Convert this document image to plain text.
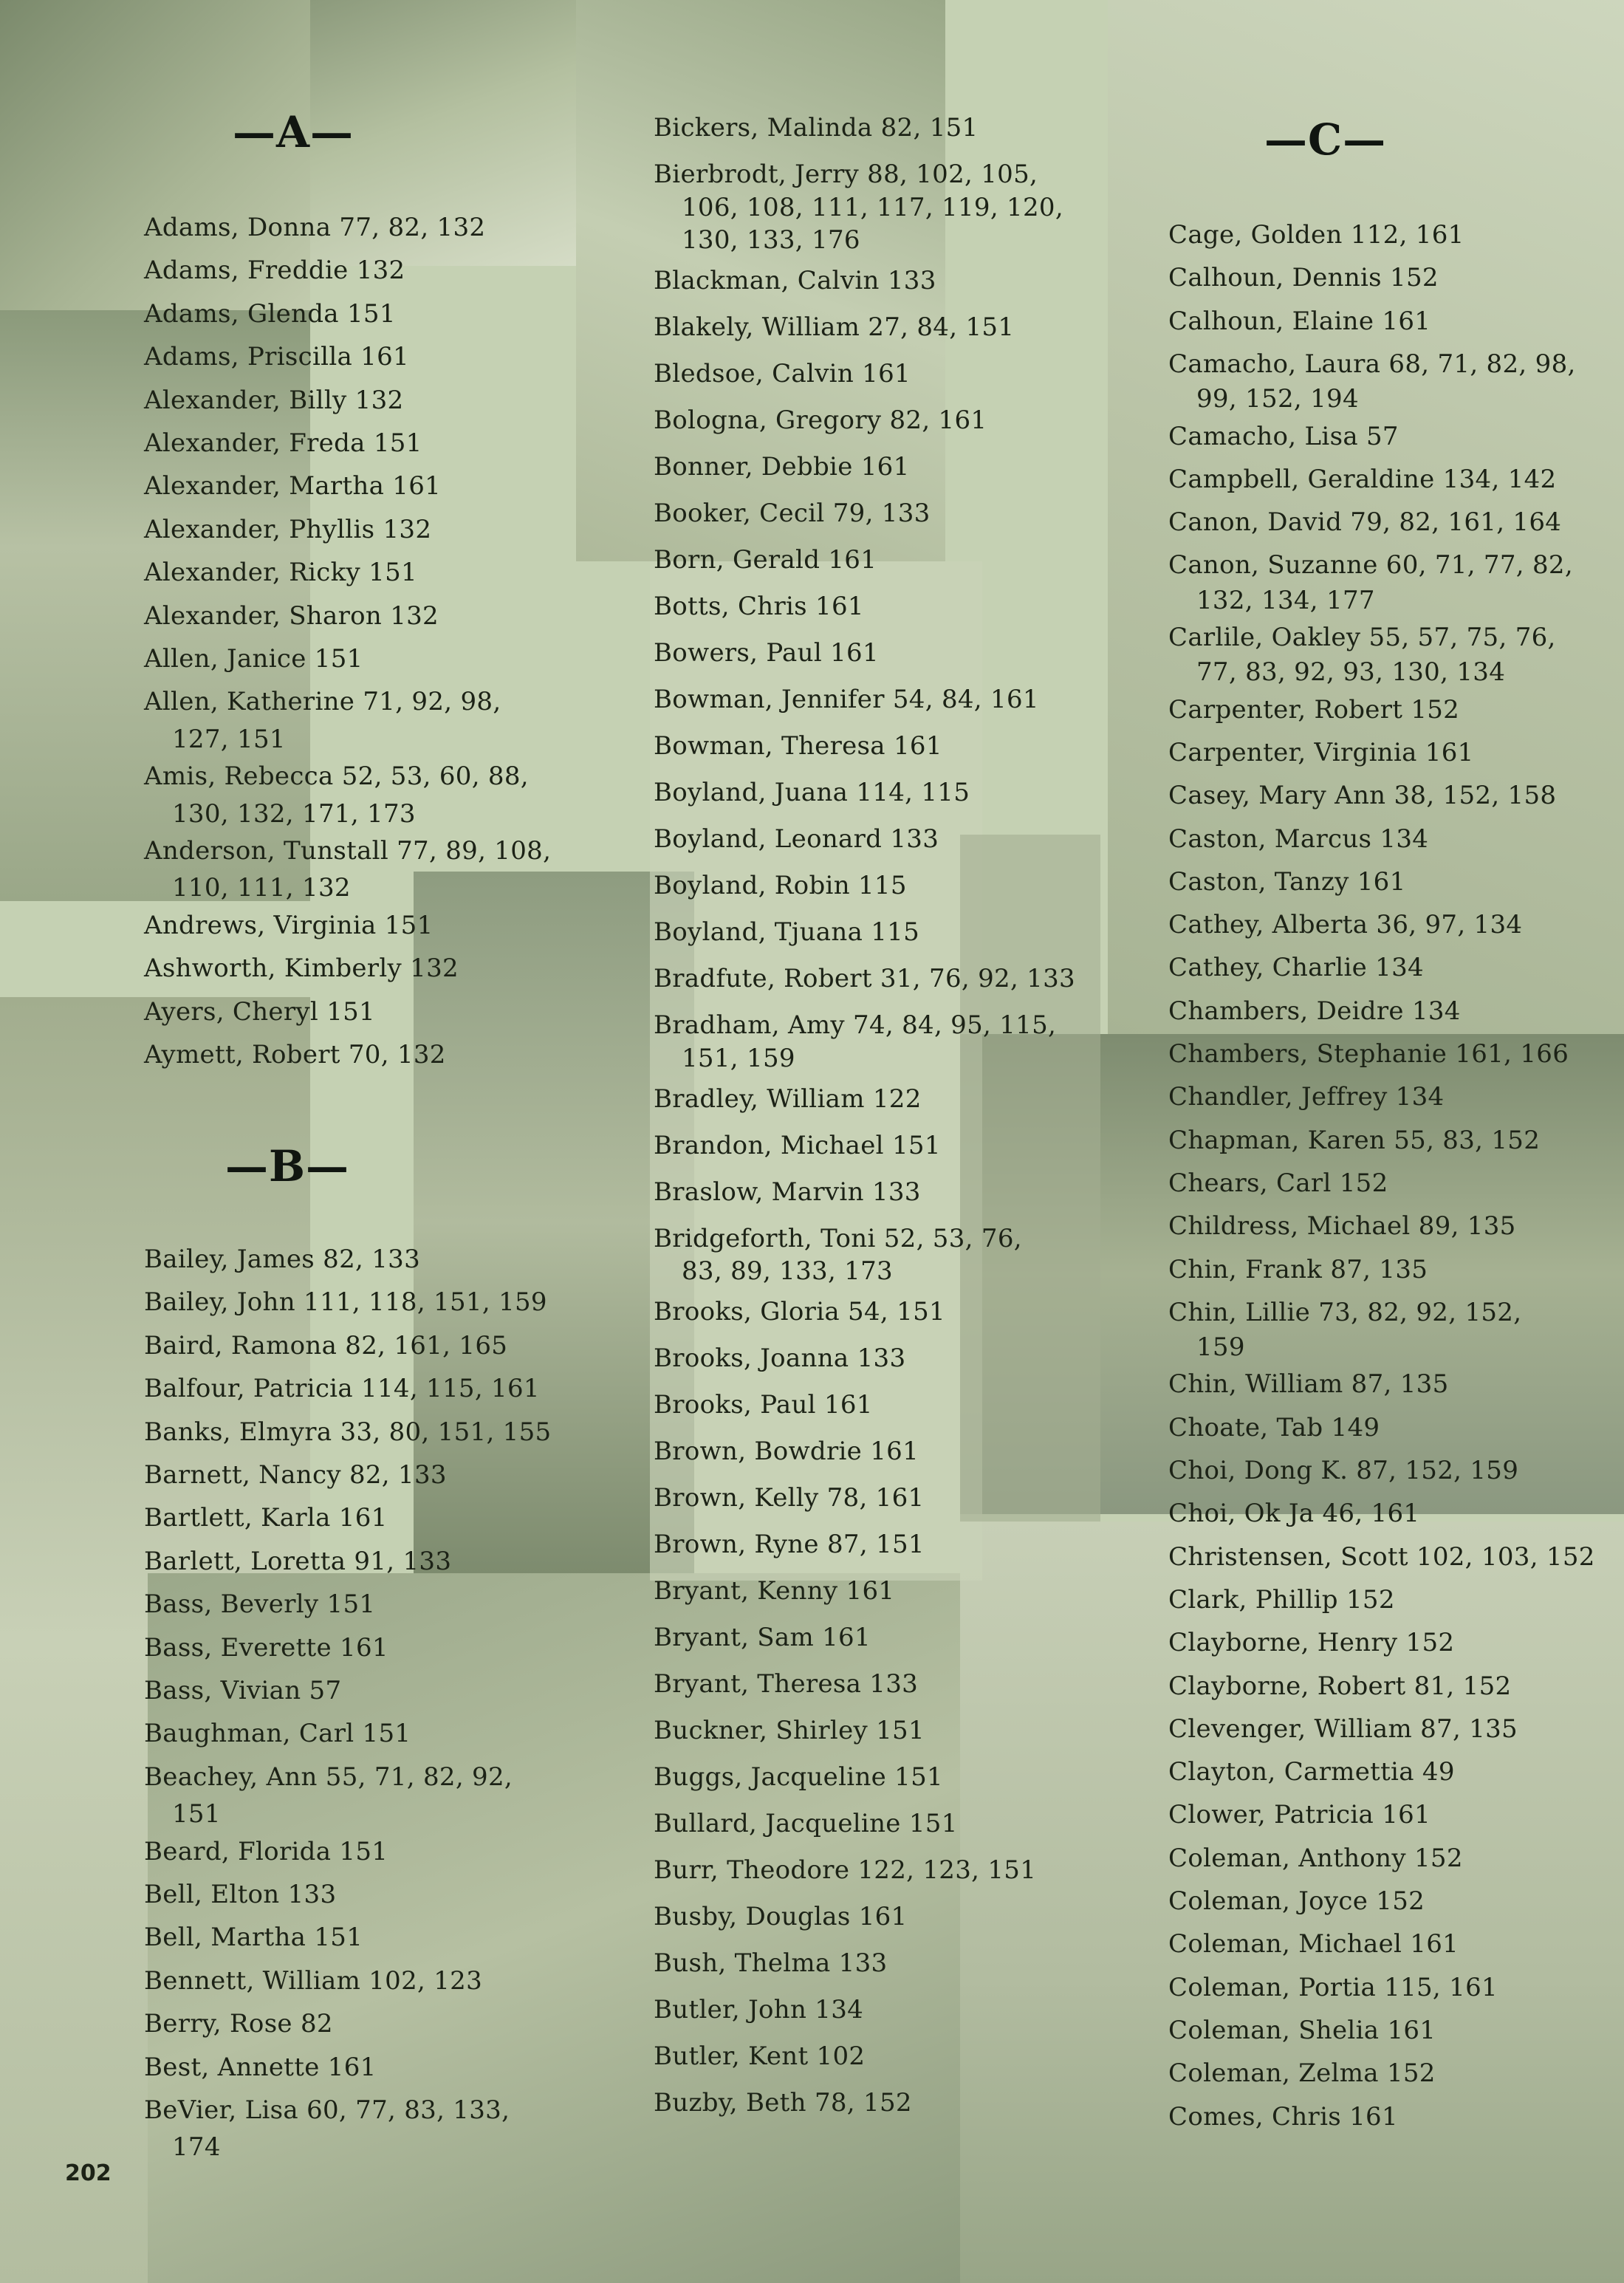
—A—
Adams, Donna 77, 82, 132
Adams, Freddie 132
Adams, Glenda 151
Adams, Priscilla 161
Alexander, Billy 132
Alexander, Freda 151
Alexander, Martha 161
Alexander, Phyllis 132
Alexander, Ricky 151
Alexander, Sharon 132
Allen, Janice 151
Allen, Katherine 71, 92, 98,
127, 151
Amis, Rebecca 52, 53, 60, 88,
130, 132, 171, 173
Anderson, Tunstall 77, 89, 108,
110, 111, 132
Andrews, Virginia 151
Ashworth, Kimberly 132
Ayers, Cheryl 151
Aymett, Robert 70, 132
—B—
Bailey, James 82, 133
Bailey, John 111, 118, 151, 159
Baird, Ramona 82, 161, 165
Balfour, Patricia 114, 115, 161
Banks, Elmyra 33, 80, 151, 155
Barnett, Nancy 82, 133
Bartlett, Karla 161
Barlett, Loretta 91, 133
Bass, Beverly 151
Bass, Everette 161
Bass, Vivian 57
Baughman, Carl 151
Beachey, Ann 55, 71, 82, 92,
151
Beard, Florida 151
Bell, Elton 133
Bell, Martha 151
Bennett, William 102, 123
Berry, Rose 82
Best, Annette 161
BeVier, Lisa 60, 77, 83, 133,
174
Bickers, Malinda 82, 151
Bierbrodt, Jerry 88, 102, 105,
106, 108, 111, 117, 119, 120,
130, 133, 176
Blackman, Calvin 133
Blakely, William 27, 84, 151
Bledsoe, Calvin 161
Bologna, Gregory 82, 161
Bonner, Debbie 161
Booker, Cecil 79, 133
Born, Gerald 161
Botts, Chris 161
Bowers, Paul 161
Bowman, Jennifer 54, 84, 161
Bowman, Theresa 161
Boyland, Juana 114, 115
Boyland, Leonard 133
Boyland, Robin 115
Boyland, Tjuana 115
Bradfute, Robert 31, 76, 92, 133
Bradham, Amy 74, 84, 95, 115,
151, 159
Bradley, William 122
Brandon, Michael 151
Braslow, Marvin 133
Bridgeforth, Toni 52, 53, 76,
83, 89, 133, 173
Brooks, Gloria 54, 151
Brooks, Joanna 133
Brooks, Paul 161
Brown, Bowdrie 161
Brown, Kelly 78, 161
Brown, Ryne 87, 151
Bryant, Kenny 161
Bryant, Sam 161
Bryant, Theresa 133
Buckner, Shirley 151
Buggs, Jacqueline 151
Bullard, Jacqueline 151
Burr, Theodore 122, 123, 151
Busby, Douglas 161
Bush, Thelma 133
Butler, John 134
Butler, Kent 102
Buzby, Beth 78, 152
—C—
Cage, Golden 112, 161
Calhoun, Dennis 152
Calhoun, Elaine 161
Camacho, Laura 68, 71, 82, 98,
99, 152, 194
Camacho, Lisa 57
Campbell, Geraldine 134, 142
Canon, David 79, 82, 161, 164
Canon, Suzanne 60, 71, 77, 82,
132, 134, 177
Carlile, Oakley 55, 57, 75, 76,
77, 83, 92, 93, 130, 134
Carpenter, Robert 152
Carpenter, Virginia 161
Casey, Mary Ann 38, 152, 158
Caston, Marcus 134
Caston, Tanzy 161
Cathey, Alberta 36, 97, 134
Cathey, Charlie 134
Chambers, Deidre 134
Chambers, Stephanie 161, 166
Chandler, Jeffrey 134
Chapman, Karen 55, 83, 152
Chears, Carl 152
Childress, Michael 89, 135
Chin, Frank 87, 135
Chin, Lillie 73, 82, 92, 152,
159
Chin, William 87, 135
Choate, Tab 149
Choi, Dong K. 87, 152, 159
Choi, Ok Ja 46, 161
Christensen, Scott 102, 103, 152
Clark, Phillip 152
Clayborne, Henry 152
Clayborne, Robert 81, 152
Clevenger, William 87, 135
Clayton, Carmettia 49
Clower, Patricia 161
Coleman, Anthony 152
Coleman, Joyce 152
Coleman, Michael 161
Coleman, Portia 115, 161
Coleman, Shelia 161
Coleman, Zelma 152
Comes, Chris 161
202
